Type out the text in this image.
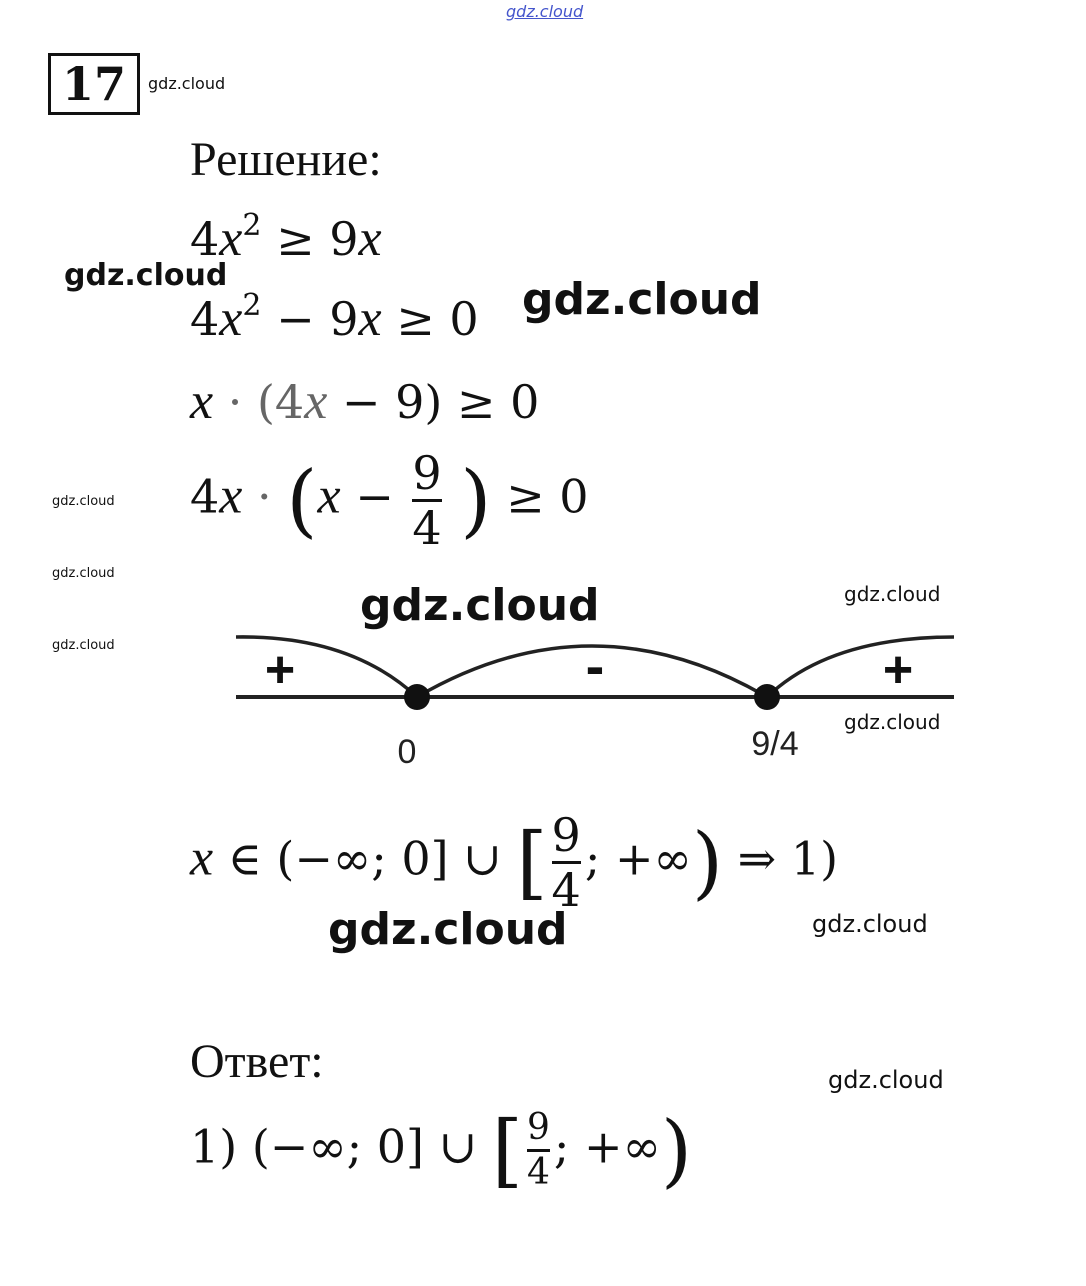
gdz.cloud
gdz.cloud
gdz.cloud	gdz.cloud
gdz.cloud
gdz.cloud
gdz.cloud
gdz.cloud	gdz.cloud
gdz.cloud
gdz.cloud	gdz.cloud
gdz.cloud
17
Решение:
$4x^2 \ge 9x$
$4x^2 - 9x \ge 0$
x · (4x − 9) ≥ 0
$4x \cdot (x - \frac{9}{4}$ ) ≥ 0
+	-	+
0	9/4
x ∈ (−∞; 0] ∪ [ $\frac{9}{4}$ ; +∞) ⇒ 1)
Ответ:
1) (−∞; 0] ∪ [ $\frac{9}{4}$ ; +∞)
